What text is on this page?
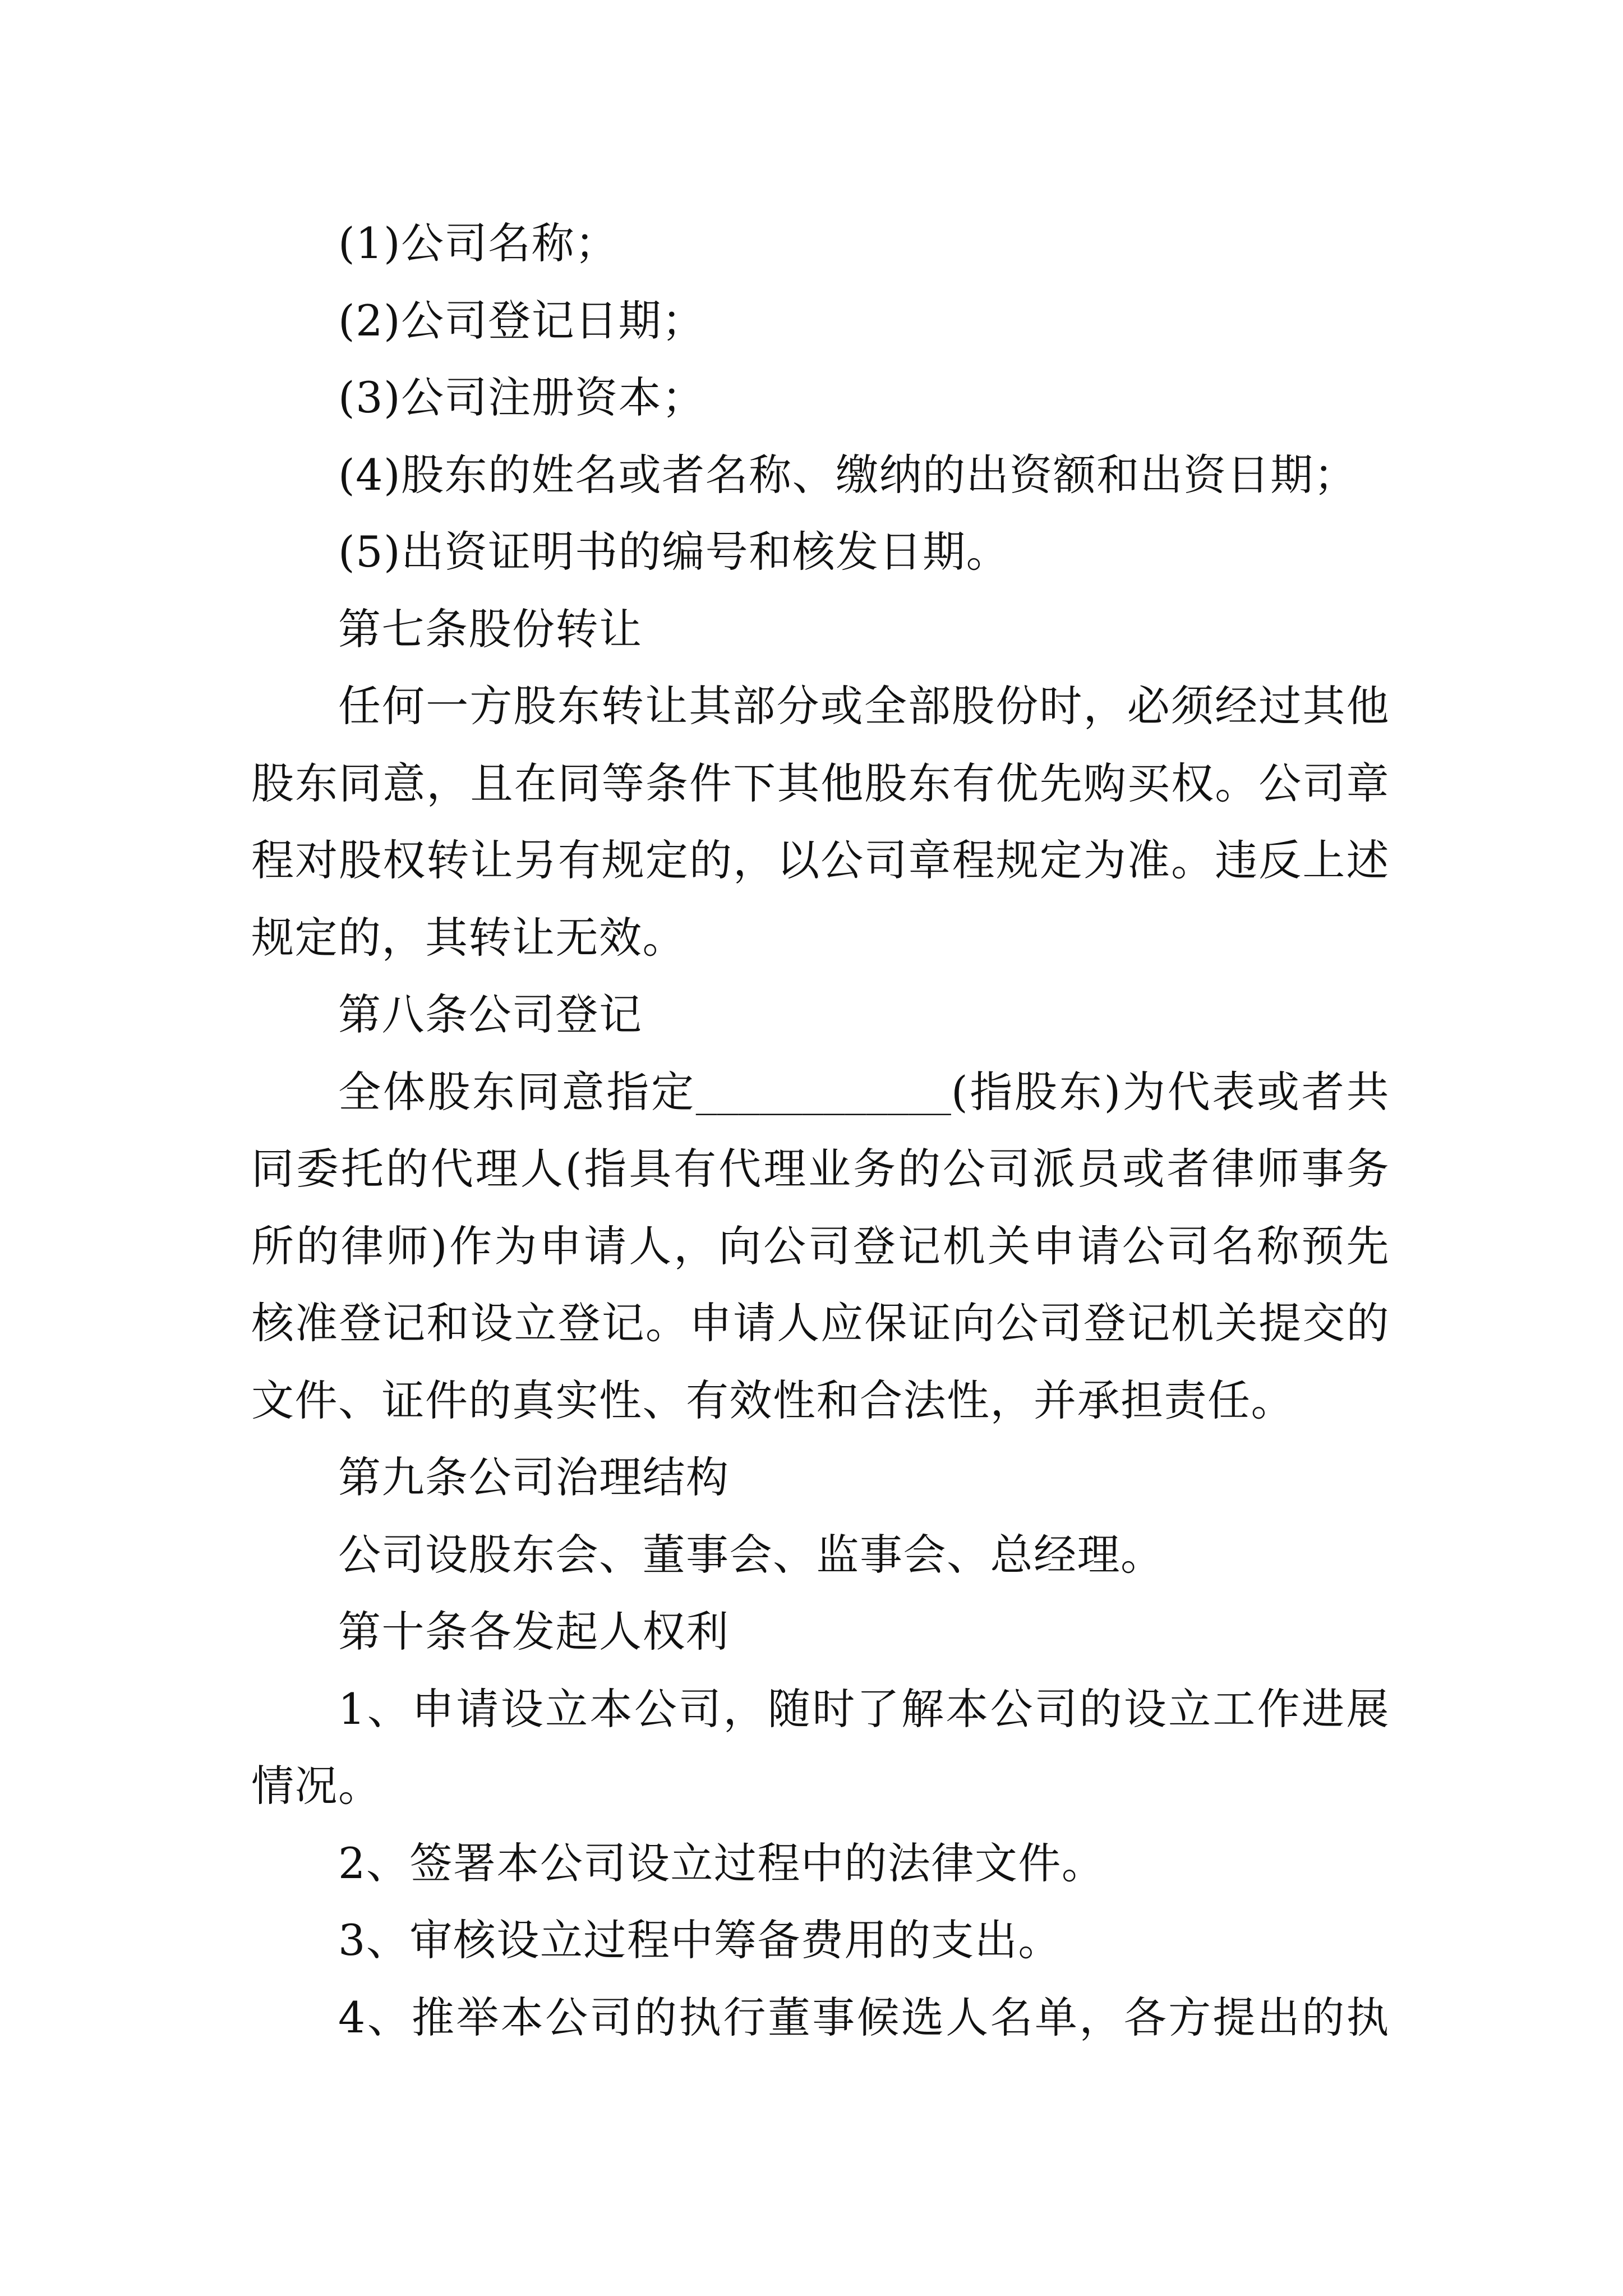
(1)公司名称；
(2)公司登记日期；
(3)公司注册资本；
(4)股东的姓名或者名称、缴纳的出资额和出资日期；
(5)出资证明书的编号和核发日期。
第七条股份转让
任何一方股东转让其部分或全部股份时，必须经过其他
股东同意，且在同等条件下其他股东有优先购买权。公司章
程对股权转让另有规定的，以公司章程规定为准。违反上述
规定的，其转让无效。
第八条公司登记
全体股东同意指定____________(指股东)为代表或者共
同委托的代理人(指具有代理业务的公司派员或者律师事务
所的律师)作为申请人，向公司登记机关申请公司名称预先
核准登记和设立登记。申请人应保证向公司登记机关提交的
文件、证件的真实性、有效性和合法性，并承担责任。
第九条公司治理结构
公司设股东会、董事会、监事会、总经理。
第十条各发起人权利
1、申请设立本公司，随时了解本公司的设立工作进展
情况。
2、签署本公司设立过程中的法律文件。
3、审核设立过程中筹备费用的支出。
4、推举本公司的执行董事候选人名单，各方提出的执
